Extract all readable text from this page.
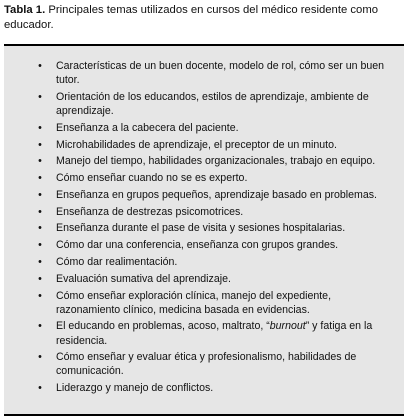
Tabla 1. Principales temas utilizados en cursos del médico residente como educador.
• Características de un buen docente, modelo de rol, cómo ser un buen tutor.
• Orientación de los educandos, estilos de aprendizaje, ambiente de aprendizaje.
• Enseñanza a la cabecera del paciente.
• Microhabilidades de aprendizaje, el preceptor de un minuto.
• Manejo del tiempo, habilidades organizacionales, trabajo en equipo.
• Cómo enseñar cuando no se es experto.
• Enseñanza en grupos pequeños, aprendizaje basado en problemas.
• Enseñanza de destrezas psicomotrices.
• Enseñanza durante el pase de visita y sesiones hospitalarias.
• Cómo dar una conferencia, enseñanza con grupos grandes.
• Cómo dar realimentación.
• Evaluación sumativa del aprendizaje.
• Cómo enseñar exploración clínica, manejo del expediente, razonamiento clínico, medicina basada en evidencias.
• El educando en problemas, acoso, maltrato, “burnout” y fatiga en la residencia.
• Cómo enseñar y evaluar ética y profesionalismo, habilidades de comunicación.
• Liderazgo y manejo de conflictos.
